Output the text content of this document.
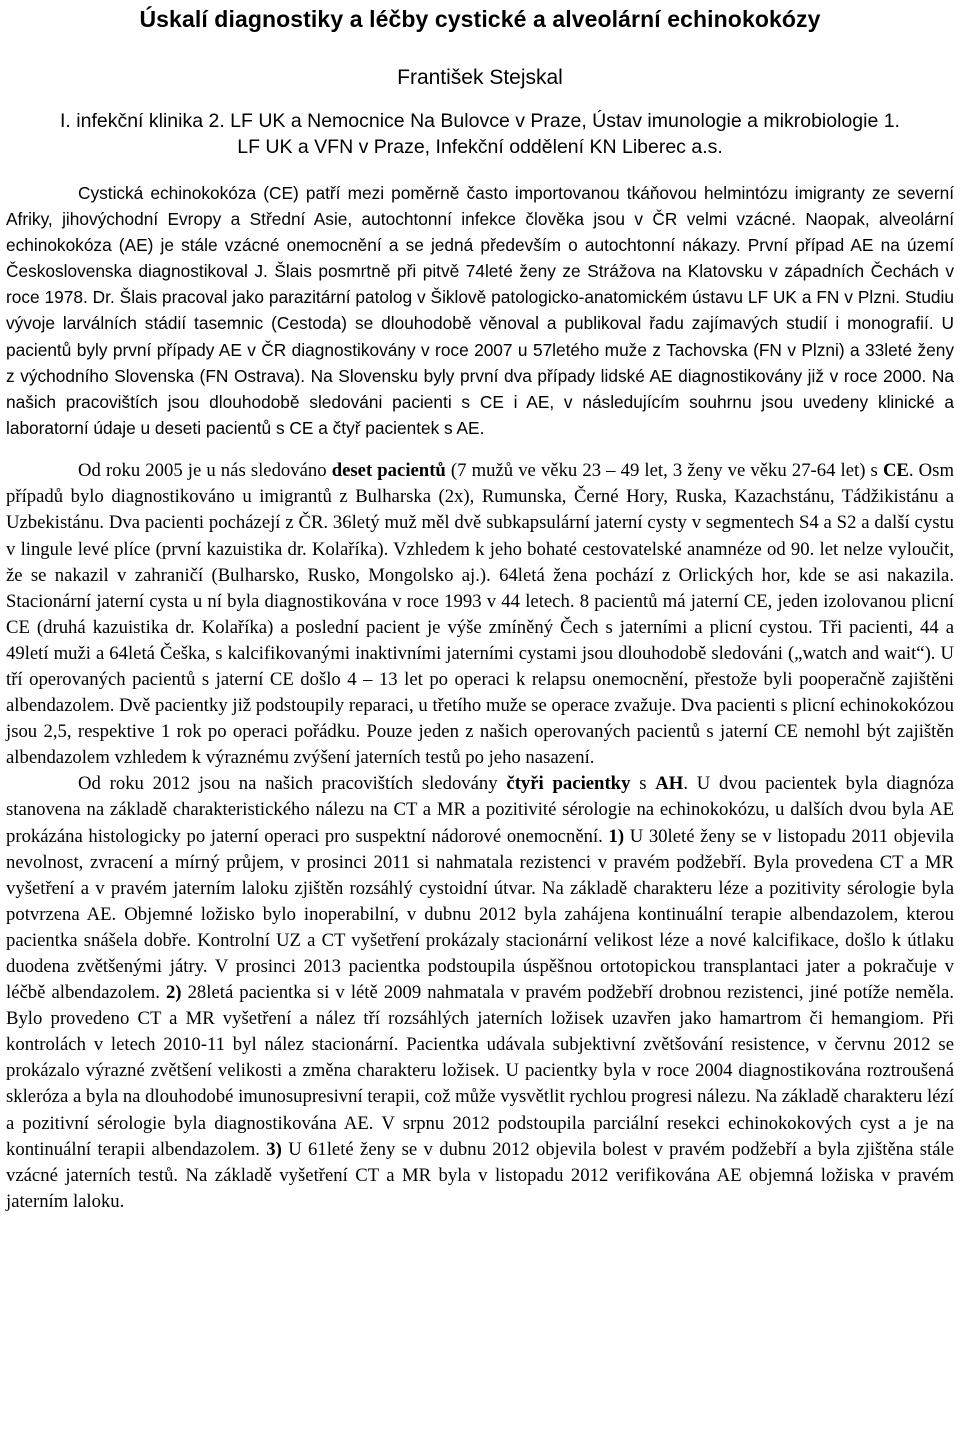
Úskalí diagnostiky a léčby cystické a alveolární echinokokózy
František Stejskal
I. infekční klinika 2. LF UK a Nemocnice Na Bulovce v Praze, Ústav imunologie a mikrobiologie 1.
LF UK a VFN v Praze, Infekční oddělení KN Liberec a.s.

Cystická echinokokóza (CE) patří mezi poměrně často importovanou tkáňovou helmintózu imigranty ze severní Afriky, jihovýchodní Evropy a Střední Asie, autochtonní infekce člověka jsou v ČR velmi vzácné. Naopak, alveolární echinokokóza (AE) je stále vzácné onemocnění a se jedná především o autochtonní nákazy. První případ AE na území Československa diagnostikoval J. Šlais posmrtně při pitvě 74leté ženy ze Strážova na Klatovsku v západních Čechách v roce 1978. Dr. Šlais pracoval jako parazitární patolog v Šiklově patologicko-anatomickém ústavu LF UK a FN v Plzni. Studiu vývoje larválních stádií tasemnic (Cestoda) se dlouhodobě věnoval a publikoval řadu zajímavých studií i monografií. U pacientů byly první případy AE v ČR diagnostikovány v roce 2007 u 57letého muže z Tachovska (FN v Plzni) a 33leté ženy z východního Slovenska (FN Ostrava). Na Slovensku byly první dva případy lidské AE diagnostikovány již v roce 2000. Na našich pracovištích jsou dlouhodobě sledováni pacienti s CE i AE, v následujícím souhrnu jsou uvedeny klinické a laboratorní údaje u deseti pacientů s CE a čtyř pacientek s AE.

Od roku 2005 je u nás sledováno deset pacientů (7 mužů ve věku 23 – 49 let, 3 ženy ve věku 27-64 let) s CE. Osm případů bylo diagnostikováno u imigrantů z Bulharska (2x), Rumunska, Černé Hory, Ruska, Kazachstánu, Tádžikistánu a Uzbekistánu. Dva pacienti pocházejí z ČR. 36letý muž měl dvě subkapsulární jaterní cysty v segmentech S4 a S2 a další cystu v lingule levé plíce (první kazuistika dr. Kolaříka). Vzhledem k jeho bohaté cestovatelské anamnéze od 90. let nelze vyloučit, že se nakazil v zahraničí (Bulharsko, Rusko, Mongolsko aj.). 64letá žena pochází z Orlických hor, kde se asi nakazila. Stacionární jaterní cysta u ní byla diagnostikována v roce 1993 v 44 letech. 8 pacientů má jaterní CE, jeden izolovanou plicní CE (druhá kazuistika dr. Kolaříka) a poslední pacient je výše zmíněný Čech s jaterními a plicní cystou. Tři pacienti, 44 a 49letí muži a 64letá Češka, s kalcifikovanými inaktivními jaterními cystami jsou dlouhodobě sledováni („watch and wait“). U tří operovaných pacientů s jaterní CE došlo 4 – 13 let po operaci k relapsu onemocnění, přestože byli pooperačně zajištěni albendazolem. Dvě pacientky již podstoupily reparaci, u třetího muže se operace zvažuje. Dva pacienti s plicní echinokokózou jsou 2,5, respektive 1 rok po operaci pořádku. Pouze jeden z našich operovaných pacientů s jaterní CE nemohl být zajištěn albendazolem vzhledem k výraznému zvýšení jaterních testů po jeho nasazení.

Od roku 2012 jsou na našich pracovištích sledovány čtyři pacientky s AH. U dvou pacientek byla diagnóza stanovena na základě charakteristického nálezu na CT a MR a pozitivité sérologie na echinokokózu, u dalších dvou byla AE prokázána histologicky po jaterní operaci pro suspektní nádorové onemocnění. 1) U 30leté ženy se v listopadu 2011 objevila nevolnost, zvracení a mírný průjem, v prosinci 2011 si nahmatala rezistenci v pravém podžebří. Byla provedena CT a MR vyšetření a v pravém jaterním laloku zjištěn rozsáhlý cystoidní útvar. Na základě charakteru léze a pozitivity sérologie byla potvrzena AE. Objemné ložisko bylo inoperabilní, v dubnu 2012 byla zahájena kontinuální terapie albendazolem, kterou pacientka snášela dobře. Kontrolní UZ a CT vyšetření prokázaly stacionární velikost léze a nové kalcifikace, došlo k útlaku duodena zvětšenými játry. V prosinci 2013 pacientka podstoupila úspěšnou ortotopickou transplantaci jater a pokračuje v léčbě albendazolem. 2) 28letá pacientka si v létě 2009 nahmatala v pravém podžebří drobnou rezistenci, jiné potíže neměla. Bylo provedeno CT a MR vyšetření a nález tří rozsáhlých jaterních ložisek uzavřen jako hamartrom či hemangiom. Při kontrolách v letech 2010-11 byl nález stacionární. Pacientka udávala subjektivní zvětšování resistence, v červnu 2012 se prokázalo výrazné zvětšení velikosti a změna charakteru ložisek. U pacientky byla v roce 2004 diagnostikována roztroušená skleróza a byla na dlouhodobé imunosupresivní terapii, což může vysvětlit rychlou progresi nálezu. Na základě charakteru lézí a pozitivní sérologie byla diagnostikována AE. V srpnu 2012 podstoupila parciální resekci echinokokových cyst a je na kontinuální terapii albendazolem. 3) U 61leté ženy se v dubnu 2012 objevila bolest v pravém podžebří a byla zjištěna stále vzácné jaterních testů. Na základě vyšetření CT a MR byla v listopadu 2012 verifikována AE objemná ložiska v pravém jaterním laloku.
